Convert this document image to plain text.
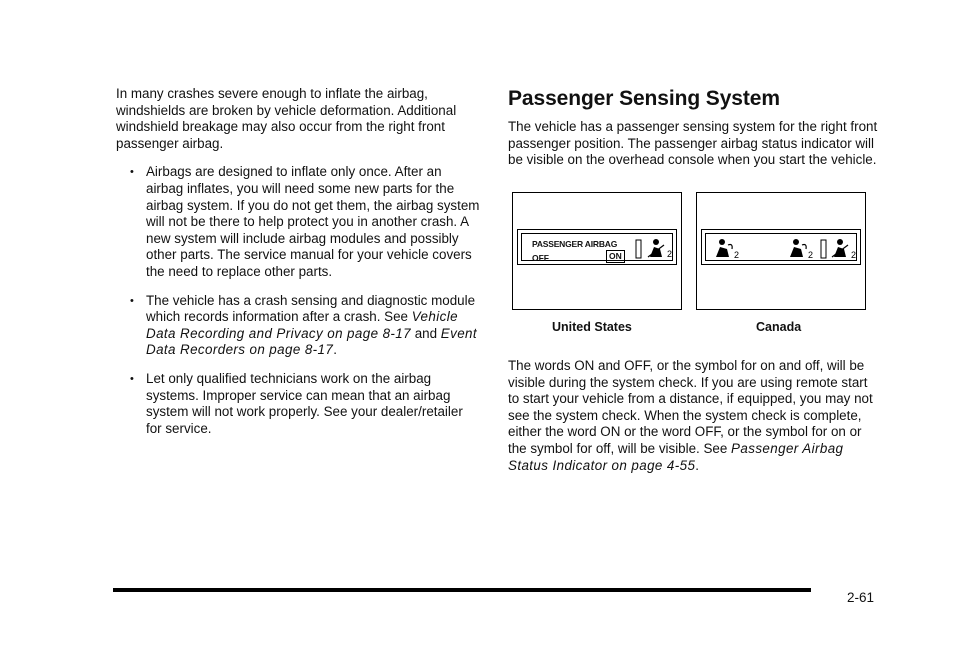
In many crashes severe enough to inflate the airbag, windshields are broken by vehicle deformation. Additional windshield breakage may also occur from the right front passenger airbag.

• Airbags are designed to inflate only once. After an airbag inflates, you will need some new parts for the airbag system. If you do not get them, the airbag system will not be there to help protect you in another crash. A new system will include airbag modules and possibly other parts. The service manual for your vehicle covers the need to replace other parts.
• The vehicle has a crash sensing and diagnostic module which records information after a crash. See Vehicle Data Recording and Privacy on page 8-17 and Event Data Recorders on page 8-17.
• Let only qualified technicians work on the airbag systems. Improper service can mean that an airbag system will not work properly. See your dealer/retailer for service.
Passenger Sensing System

The vehicle has a passenger sensing system for the right front passenger position. The passenger airbag status indicator will be visible on the overhead console when you start the vehicle.

PASSENGER AIRBAG
OFF	ON	2	2	2	2
United States	Canada
The words ON and OFF, or the symbol for on and off, will be visible during the system check. If you are using remote start to start your vehicle from a distance, if equipped, you may not see the system check. When the system check is complete, either the word ON or the word OFF, or the symbol for on or the symbol for off, will be visible. See Passenger Airbag Status Indicator on page 4-55.
2-61
